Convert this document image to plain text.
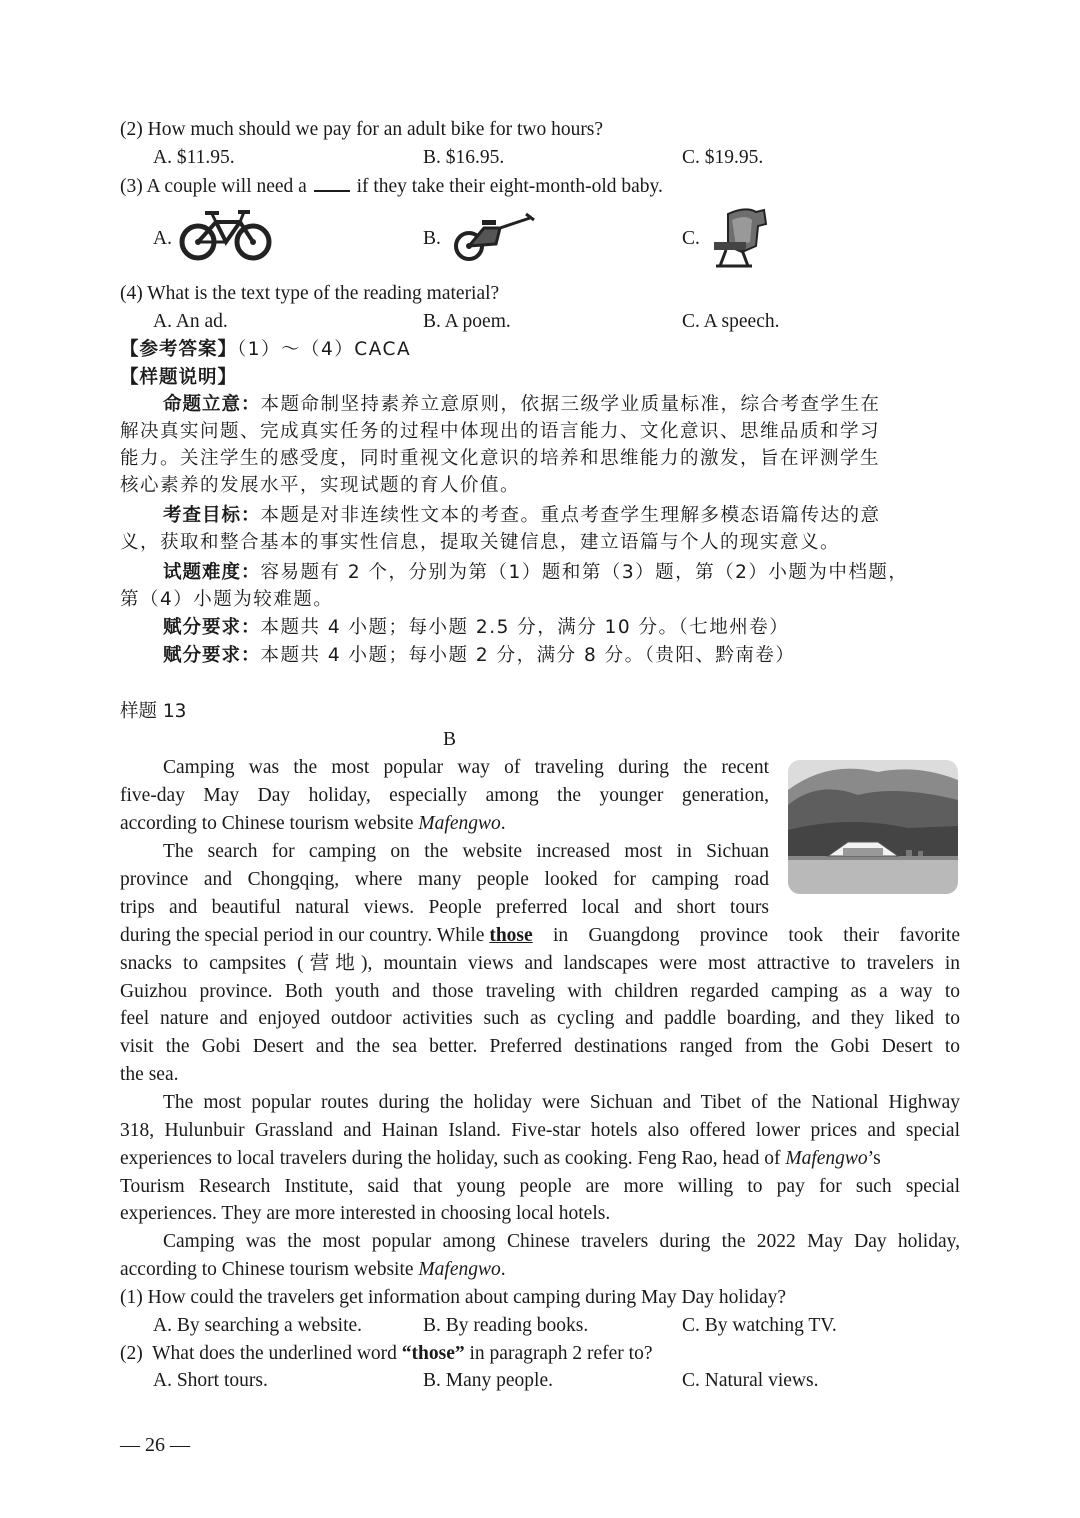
(2) How much should we pay for an adult bike for two hours?
A. $11.95.	B. $16.95.	C. $19.95.
(3) A couple will need a	if they take their eight-month-old baby.
A.	B.	C.
(4) What is the text type of the reading material?
A. An ad.	B. A poem.	C. A speech.
【参考答案】（1）～（4）CACA
【样题说明】
命题立意：本题命制坚持素养立意原则，依据三级学业质量标准，综合考查学生在
解决真实问题、完成真实任务的过程中体现出的语言能力、文化意识、思维品质和学习
能力。关注学生的感受度，同时重视文化意识的培养和思维能力的激发，旨在评测学生
核心素养的发展水平，实现试题的育人价值。
考查目标：本题是对非连续性文本的考查。重点考查学生理解多模态语篇传达的意
义，获取和整合基本的事实性信息，提取关键信息，建立语篇与个人的现实意义。
试题难度：容易题有 2 个，分别为第（1）题和第（3）题，第（2）小题为中档题，
第（4）小题为较难题。
赋分要求：本题共 4 小题；每小题 2.5 分，满分 10 分。（七地州卷）
赋分要求：本题共 4 小题；每小题 2 分，满分 8 分。（贵阳、黔南卷）
样题 13
B
Camping was the most popular way of traveling during the recent
five-day May Day holiday, especially among the younger generation,
according to Chinese tourism website Mafengwo.
The search for camping on the website increased most in Sichuan
province and Chongqing, where many people looked for camping road
trips and beautiful natural views. People preferred local and short tours
during the special period in our country. While those in Guangdong province took their favorite
snacks to campsites (营地), mountain views and landscapes were most attractive to travelers in
Guizhou province. Both youth and those traveling with children regarded camping as a way to
feel nature and enjoyed outdoor activities such as cycling and paddle boarding, and they liked to
visit the Gobi Desert and the sea better. Preferred destinations ranged from the Gobi Desert to
the sea.
The most popular routes during the holiday were Sichuan and Tibet of the National Highway
318, Hulunbuir Grassland and Hainan Island. Five-star hotels also offered lower prices and special
experiences to local travelers during the holiday, such as cooking. Feng Rao, head of Mafengwo’s
Tourism Research Institute, said that young people are more willing to pay for such special
experiences. They are more interested in choosing local hotels.
Camping was the most popular among Chinese travelers during the 2022 May Day holiday,
according to Chinese tourism website Mafengwo.
(1) How could the travelers get information about camping during May Day holiday?
A. By searching a website.	B. By reading books.	C. By watching TV.
(2)  What does the underlined word “those” in paragraph 2 refer to?
A. Short tours.	B. Many people.	C. Natural views.
— 26 —
